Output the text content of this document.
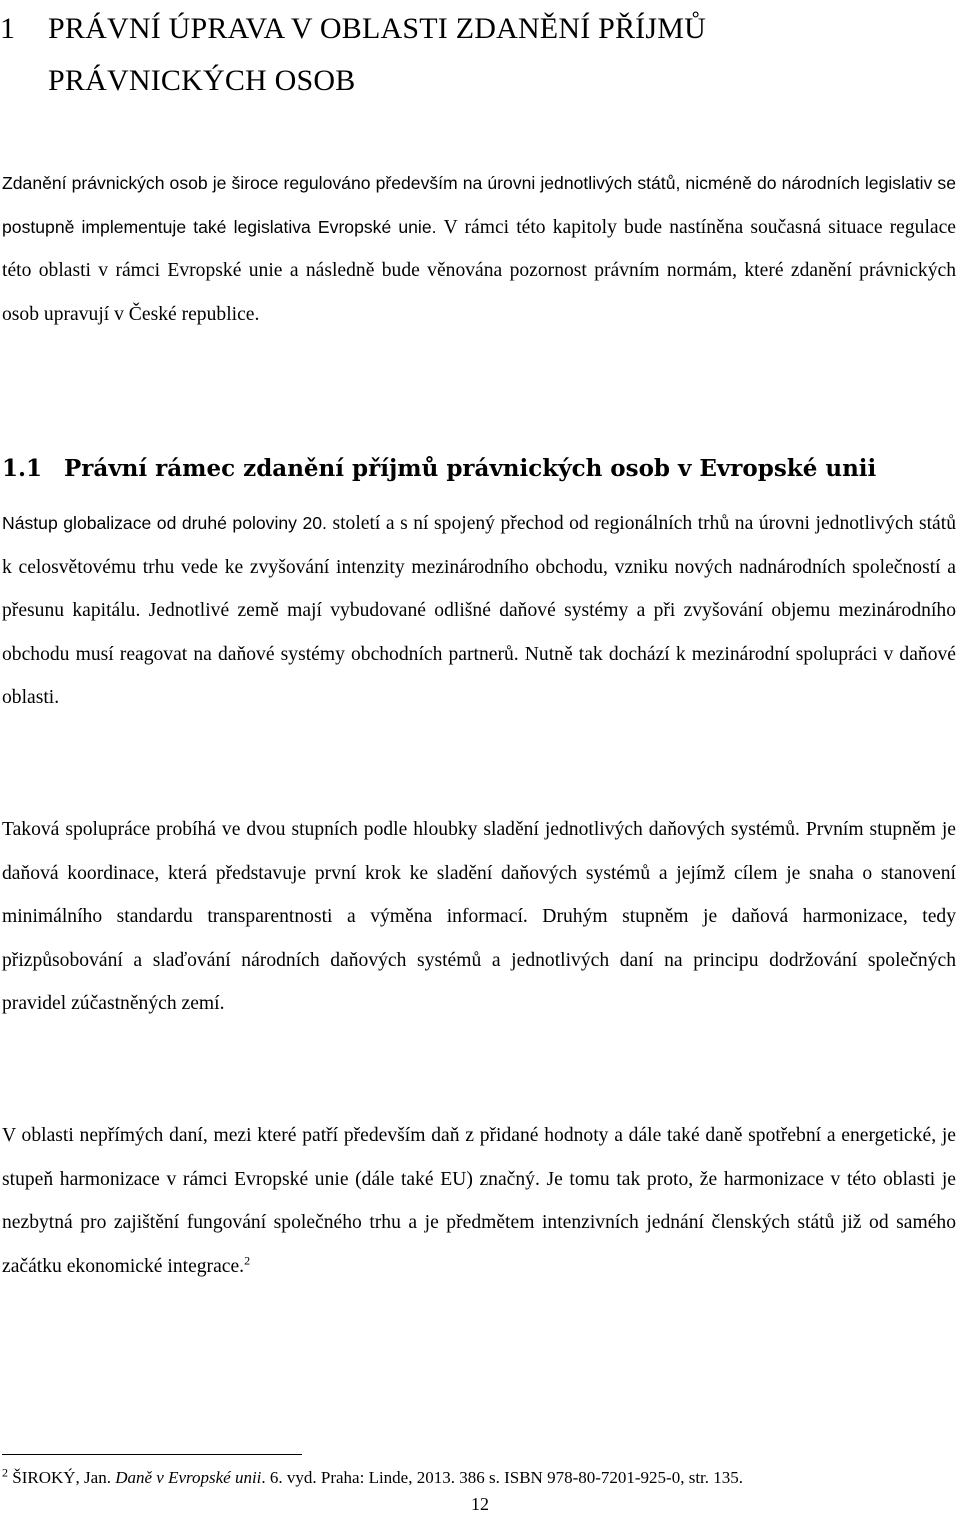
1 PRÁVNÍ ÚPRAVA V OBLASTI ZDANĚNÍ PŘÍJMŮ
PRÁVNICKÝCH OSOB

Zdanění právnických osob je široce regulováno především na úrovni jednotlivých států, nicméně do národních legislativ se postupně implementuje také legislativa Evropské unie. V rámci této kapitoly bude nastíněna současná situace regulace této oblasti v rámci Evropské unie a následně bude věnována pozornost právním normám, které zdanění právnických osob upravují v České republice.

1.1 Právní rámec zdanění příjmů právnických osob v Evropské unii

Nástup globalizace od druhé poloviny 20. století a s ní spojený přechod od regionálních trhů na úrovni jednotlivých států k celosvětovému trhu vede ke zvyšování intenzity mezinárodního obchodu, vzniku nových nadnárodních společností a přesunu kapitálu. Jednotlivé země mají vybudované odlišné daňové systémy a při zvyšování objemu mezinárodního obchodu musí reagovat na daňové systémy obchodních partnerů. Nutně tak dochází k mezinárodní spolupráci v daňové oblasti.

Taková spolupráce probíhá ve dvou stupních podle hloubky sladění jednotlivých daňových systémů. Prvním stupněm je daňová koordinace, která představuje první krok ke sladění daňových systémů a jejímž cílem je snaha o stanovení minimálního standardu transparentnosti a výměna informací. Druhým stupněm je daňová harmonizace, tedy přizpůsobování a slaďování národních daňových systémů a jednotlivých daní na principu dodržování společných pravidel zúčastněných zemí.

V oblasti nepřímých daní, mezi které patří především daň z přidané hodnoty a dále také daně spotřební a energetické, je stupeň harmonizace v rámci Evropské unie (dále také EU) značný. Je tomu tak proto, že harmonizace v této oblasti je nezbytná pro zajištění fungování společného trhu a je předmětem intenzivních jednání členských států již od samého začátku ekonomické integrace.$^2$

$^2$ ŠIROKÝ, Jan. Daně v Evropské unii. 6. vyd. Praha: Linde, 2013. 386 s. ISBN 978-80-7201-925-0, str. 135.

12
